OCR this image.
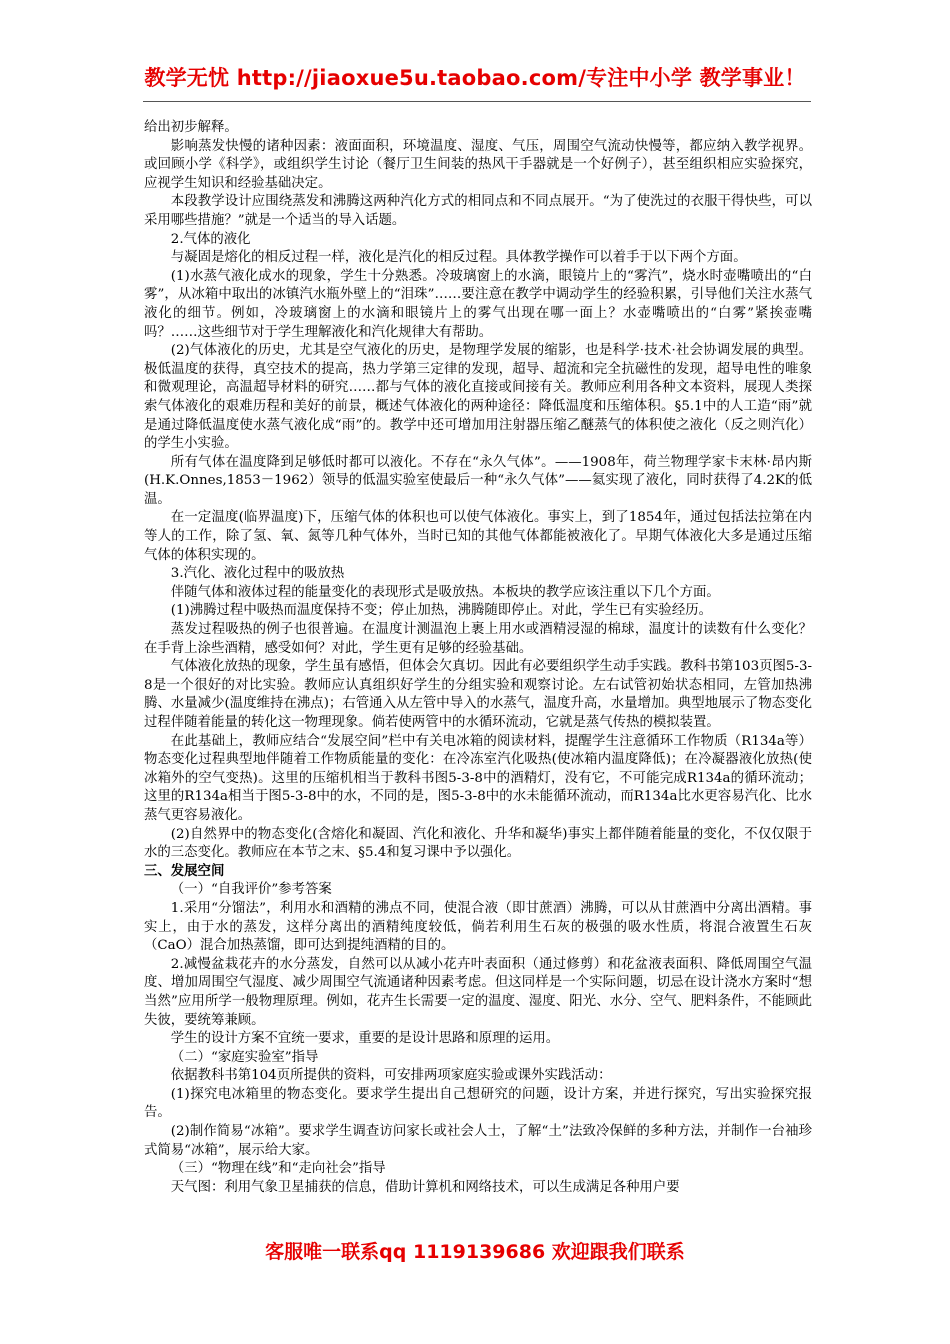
教学无忧 http://jiaoxue5u.taobao.com/专注中小学 教学事业！

给出初步解释。

影响蒸发快慢的诸种因素：液面面积，环境温度、湿度、气压，周围空气流动快慢等，都应纳入教学视界。或回顾小学《科学》，或组织学生讨论（餐厅卫生间装的热风干手器就是一个好例子），甚至组织相应实验探究，应视学生知识和经验基础决定。

本段教学设计应围绕蒸发和沸腾这两种汽化方式的相同点和不同点展开。“为了使洗过的衣服干得快些，可以采用哪些措施？”就是一个适当的导入话题。

2.气体的液化

与凝固是熔化的相反过程一样，液化是汽化的相反过程。具体教学操作可以着手于以下两个方面。

(1)水蒸气液化成水的现象，学生十分熟悉。冷玻璃窗上的水滴，眼镜片上的“雾汽”，烧水时壶嘴喷出的“白雾”，从冰箱中取出的冰镇汽水瓶外壁上的“泪珠”……要注意在教学中调动学生的经验积累，引导他们关注水蒸气液化的细节。例如，冷玻璃窗上的水滴和眼镜片上的雾气出现在哪一面上？水壶嘴喷出的“白雾”紧挨壶嘴吗？……这些细节对于学生理解液化和汽化规律大有帮助。

(2)气体液化的历史，尤其是空气液化的历史，是物理学发展的缩影，也是科学·技术·社会协调发展的典型。极低温度的获得，真空技术的提高，热力学第三定律的发现，超导、超流和完全抗磁性的发现，超导电性的唯象和微观理论，高温超导材料的研究……都与气体的液化直接或间接有关。教师应利用各种文本资料，展现人类探索气体液化的艰难历程和美好的前景，概述气体液化的两种途径：降低温度和压缩体积。§5.1中的人工造“雨”就是通过降低温度使水蒸气液化成“雨”的。教学中还可增加用注射器压缩乙醚蒸气的体积使之液化（反之则汽化）的学生小实验。

所有气体在温度降到足够低时都可以液化。不存在“永久气体”。——1908年，荷兰物理学家卡末林·昂内斯(H.K.Onnes,1853－1962）领导的低温实验室使最后一种“永久气体”——氦实现了液化，同时获得了4.2K的低温。

在一定温度(临界温度)下，压缩气体的体积也可以使气体液化。事实上，到了1854年，通过包括法拉第在内等人的工作，除了氢、氧、氮等几种气体外，当时已知的其他气体都能被液化了。早期气体液化大多是通过压缩气体的体积实现的。

3.汽化、液化过程中的吸放热

伴随气体和液体过程的能量变化的表现形式是吸放热。本板块的教学应该注重以下几个方面。

(1)沸腾过程中吸热而温度保持不变；停止加热，沸腾随即停止。对此，学生已有实验经历。

蒸发过程吸热的例子也很普遍。在温度计测温泡上裹上用水或酒精浸湿的棉球，温度计的读数有什么变化？在手背上涂些酒精，感受如何？对此，学生更有足够的经验基础。

气体液化放热的现象，学生虽有感悟，但体会欠真切。因此有必要组织学生动手实践。教科书第103页图5-3-8是一个很好的对比实验。教师应认真组织好学生的分组实验和观察讨论。左右试管初始状态相同，左管加热沸腾、水量减少(温度维持在沸点)；右管通入从左管中导入的水蒸气，温度升高，水量增加。典型地展示了物态变化过程伴随着能量的转化这一物理现象。倘若使两管中的水循环流动，它就是蒸气传热的模拟装置。

在此基础上，教师应结合“发展空间”栏中有关电冰箱的阅读材料，提醒学生注意循环工作物质（R134a等）物态变化过程典型地伴随着工作物质能量的变化：在冷冻室汽化吸热(使冰箱内温度降低)；在冷凝器液化放热(使冰箱外的空气变热)。这里的压缩机相当于教科书图5-3-8中的酒精灯，没有它，不可能完成R134a的循环流动；这里的R134a相当于图5-3-8中的水，不同的是，图5-3-8中的水未能循环流动，而R134a比水更容易汽化、比水蒸气更容易液化。

(2)自然界中的物态变化(含熔化和凝固、汽化和液化、升华和凝华)事实上都伴随着能量的变化，不仅仅限于水的三态变化。教师应在本节之末、§5.4和复习课中予以强化。

三、发展空间

（一）“自我评价”参考答案

1.采用“分馏法”，利用水和酒精的沸点不同，使混合液（即甘蔗酒）沸腾，可以从甘蔗酒中分离出酒精。事实上，由于水的蒸发，这样分离出的酒精纯度较低，倘若利用生石灰的极强的吸水性质，将混合液置生石灰（CaO）混合加热蒸馏，即可达到提纯酒精的目的。

2.减慢盆栽花卉的水分蒸发，自然可以从减小花卉叶表面积（通过修剪）和花盆液表面积、降低周围空气温度、增加周围空气湿度、减少周围空气流通诸种因素考虑。但这同样是一个实际问题，切忌在设计浇水方案时“想当然”应用所学一般物理原理。例如，花卉生长需要一定的温度、湿度、阳光、水分、空气、肥料条件，不能顾此失彼，要统筹兼顾。

学生的设计方案不宜统一要求，重要的是设计思路和原理的运用。

（二）“家庭实验室”指导

依据教科书第104页所提供的资料，可安排两项家庭实验或课外实践活动：

(1)探究电冰箱里的物态变化。要求学生提出自己想研究的问题，设计方案，并进行探究，写出实验探究报告。

(2)制作简易“冰箱”。要求学生调查访问家长或社会人士，了解“土”法致冷保鲜的多种方法，并制作一台袖珍式简易“冰箱”，展示给大家。

（三）“物理在线”和“走向社会”指导

天气图：利用气象卫星捕获的信息，借助计算机和网络技术，可以生成满足各种用户要

客服唯一联系qq 1119139686 欢迎跟我们联系
